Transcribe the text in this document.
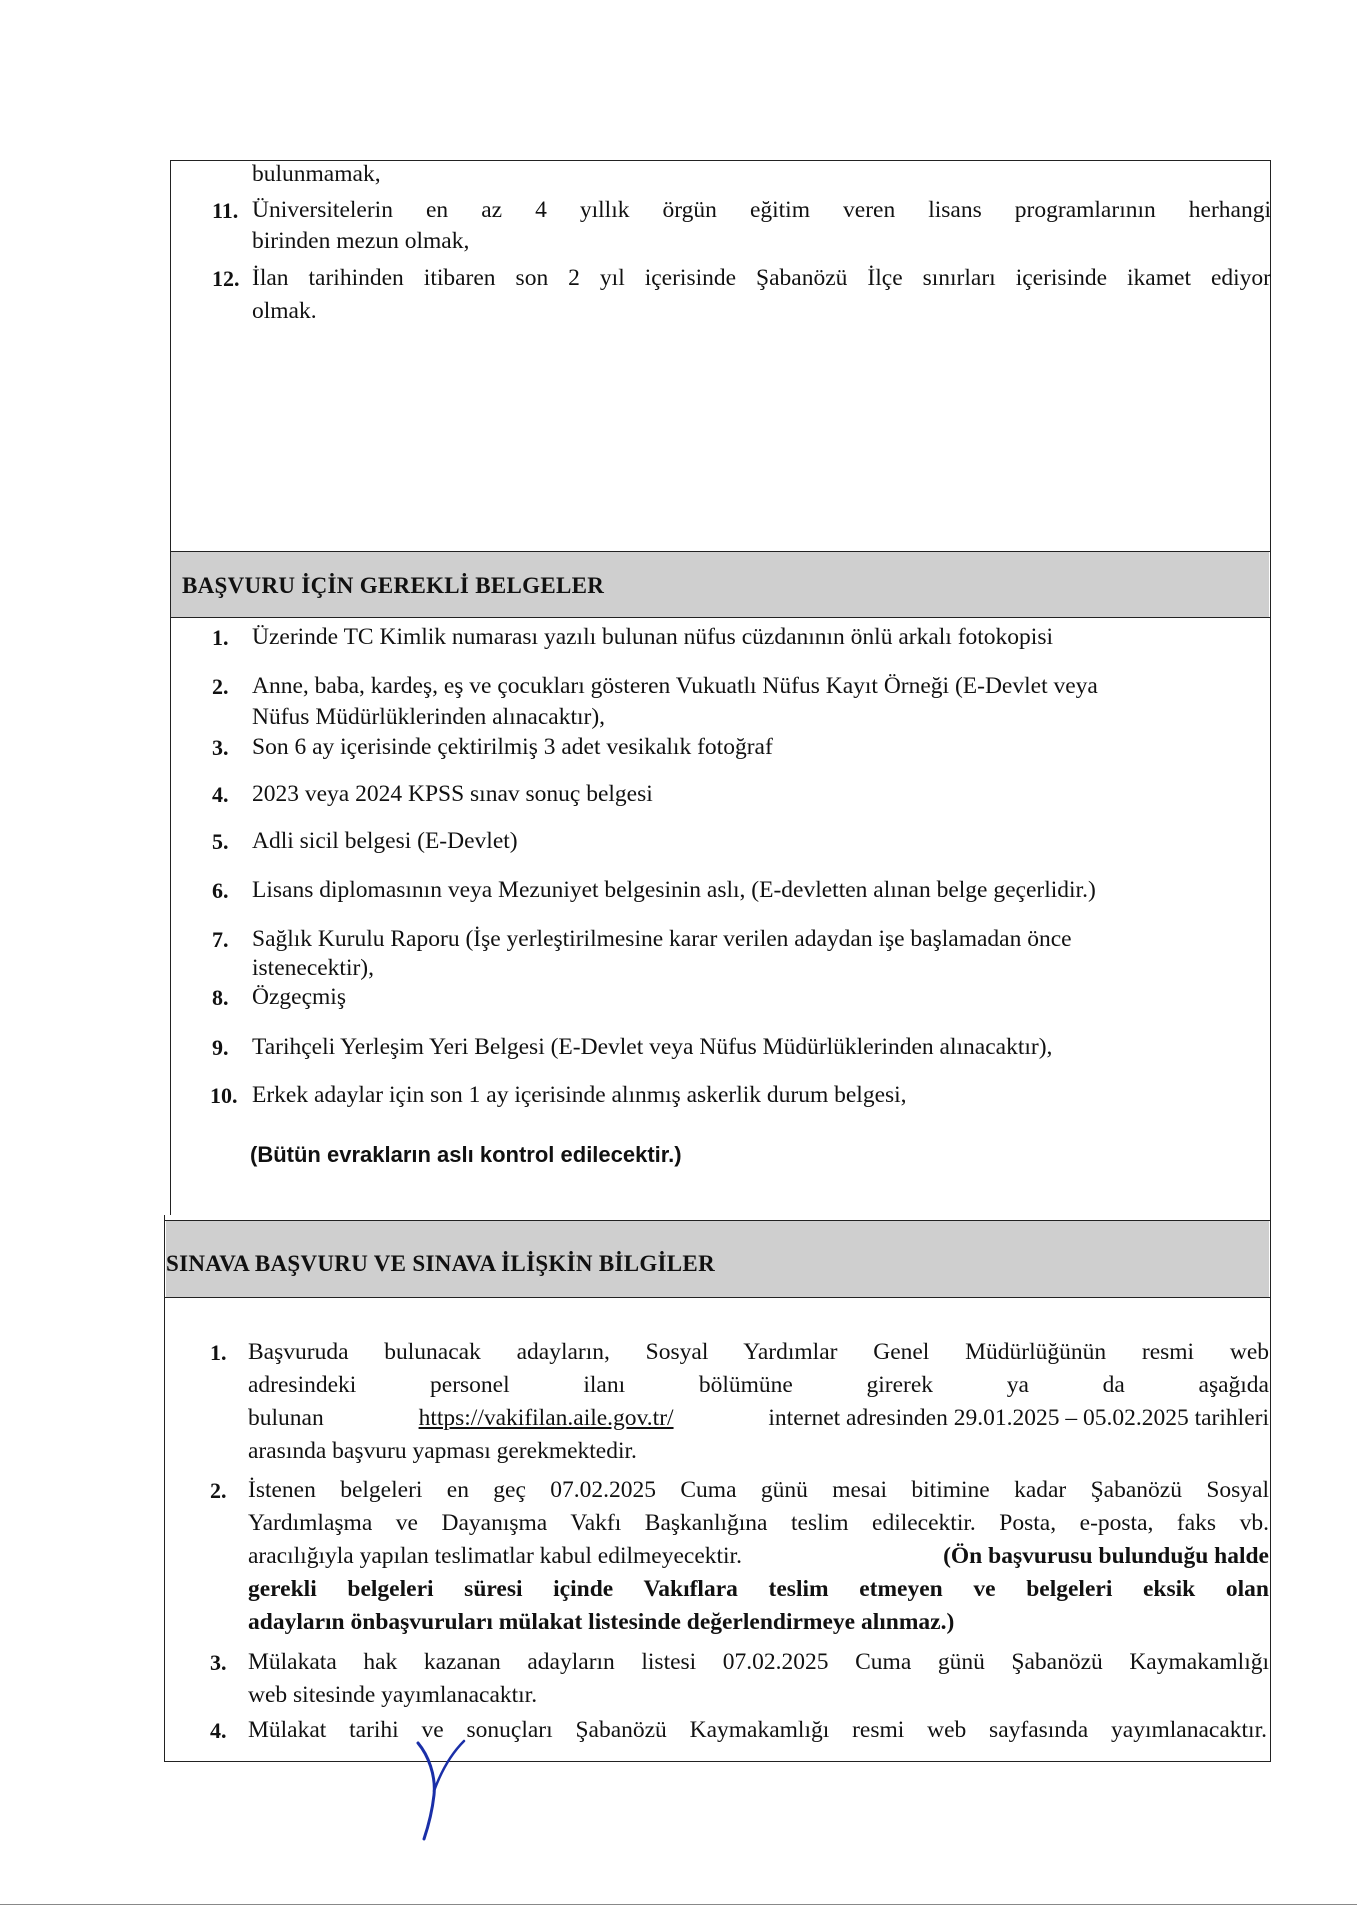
bulunmamak,
11. Üniversitelerin en az 4 yıllık örgün eğitim veren lisans programlarının herhangi
birinden mezun olmak,
12. İlan tarihinden itibaren son 2 yıl içerisinde Şabanözü İlçe sınırları içerisinde ikamet ediyor
olmak.
BAŞVURU İÇİN GEREKLİ BELGELER
1. Üzerinde TC Kimlik numarası yazılı bulunan nüfus cüzdanının önlü arkalı fotokopisi
2. Anne, baba, kardeş, eş ve çocukları gösteren Vukuatlı Nüfus Kayıt Örneği (E-Devlet veya
Nüfus Müdürlüklerinden alınacaktır),
3. Son 6 ay içerisinde çektirilmiş 3 adet vesikalık fotoğraf
4. 2023 veya 2024 KPSS sınav sonuç belgesi
5. Adli sicil belgesi (E-Devlet)
6. Lisans diplomasının veya Mezuniyet belgesinin aslı, (E-devletten alınan belge geçerlidir.)
7. Sağlık Kurulu Raporu (İşe yerleştirilmesine karar verilen adaydan işe başlamadan önce
istenecektir),
8. Özgeçmiş
9. Tarihçeli Yerleşim Yeri Belgesi (E-Devlet veya Nüfus Müdürlüklerinden alınacaktır),
10. Erkek adaylar için son 1 ay içerisinde alınmış askerlik durum belgesi,
(Bütün evrakların aslı kontrol edilecektir.)
SINAVA BAŞVURU VE SINAVA İLİŞKİN BİLGİLER
1. Başvuruda bulunacak adayların, Sosyal Yardımlar Genel Müdürlüğünün resmi web
adresindeki personel ilanı bölümüne girerek ya da aşağıda
bulunan	https://vakifilan.aile.gov.tr/	internet adresinden 29.01.2025 – 05.02.2025 tarihleri
arasında başvuru yapması gerekmektedir.
2. İstenen belgeleri en geç 07.02.2025 Cuma günü mesai bitimine kadar Şabanözü Sosyal
Yardımlaşma ve Dayanışma Vakfı Başkanlığına teslim edilecektir. Posta, e-posta, faks vb.
aracılığıyla yapılan teslimatlar kabul edilmeyecektir.	(Ön başvurusu bulunduğu halde
gerekli belgeleri süresi içinde Vakıflara teslim etmeyen ve belgeleri eksik olan
adayların önbaşvuruları mülakat listesinde değerlendirmeye alınmaz.)
3. Mülakata hak kazanan adayların listesi 07.02.2025 Cuma günü Şabanözü Kaymakamlığı
web sitesinde yayımlanacaktır.
4. Mülakat tarihi ve sonuçları Şabanözü Kaymakamlığı resmi web sayfasında yayımlanacaktır.
